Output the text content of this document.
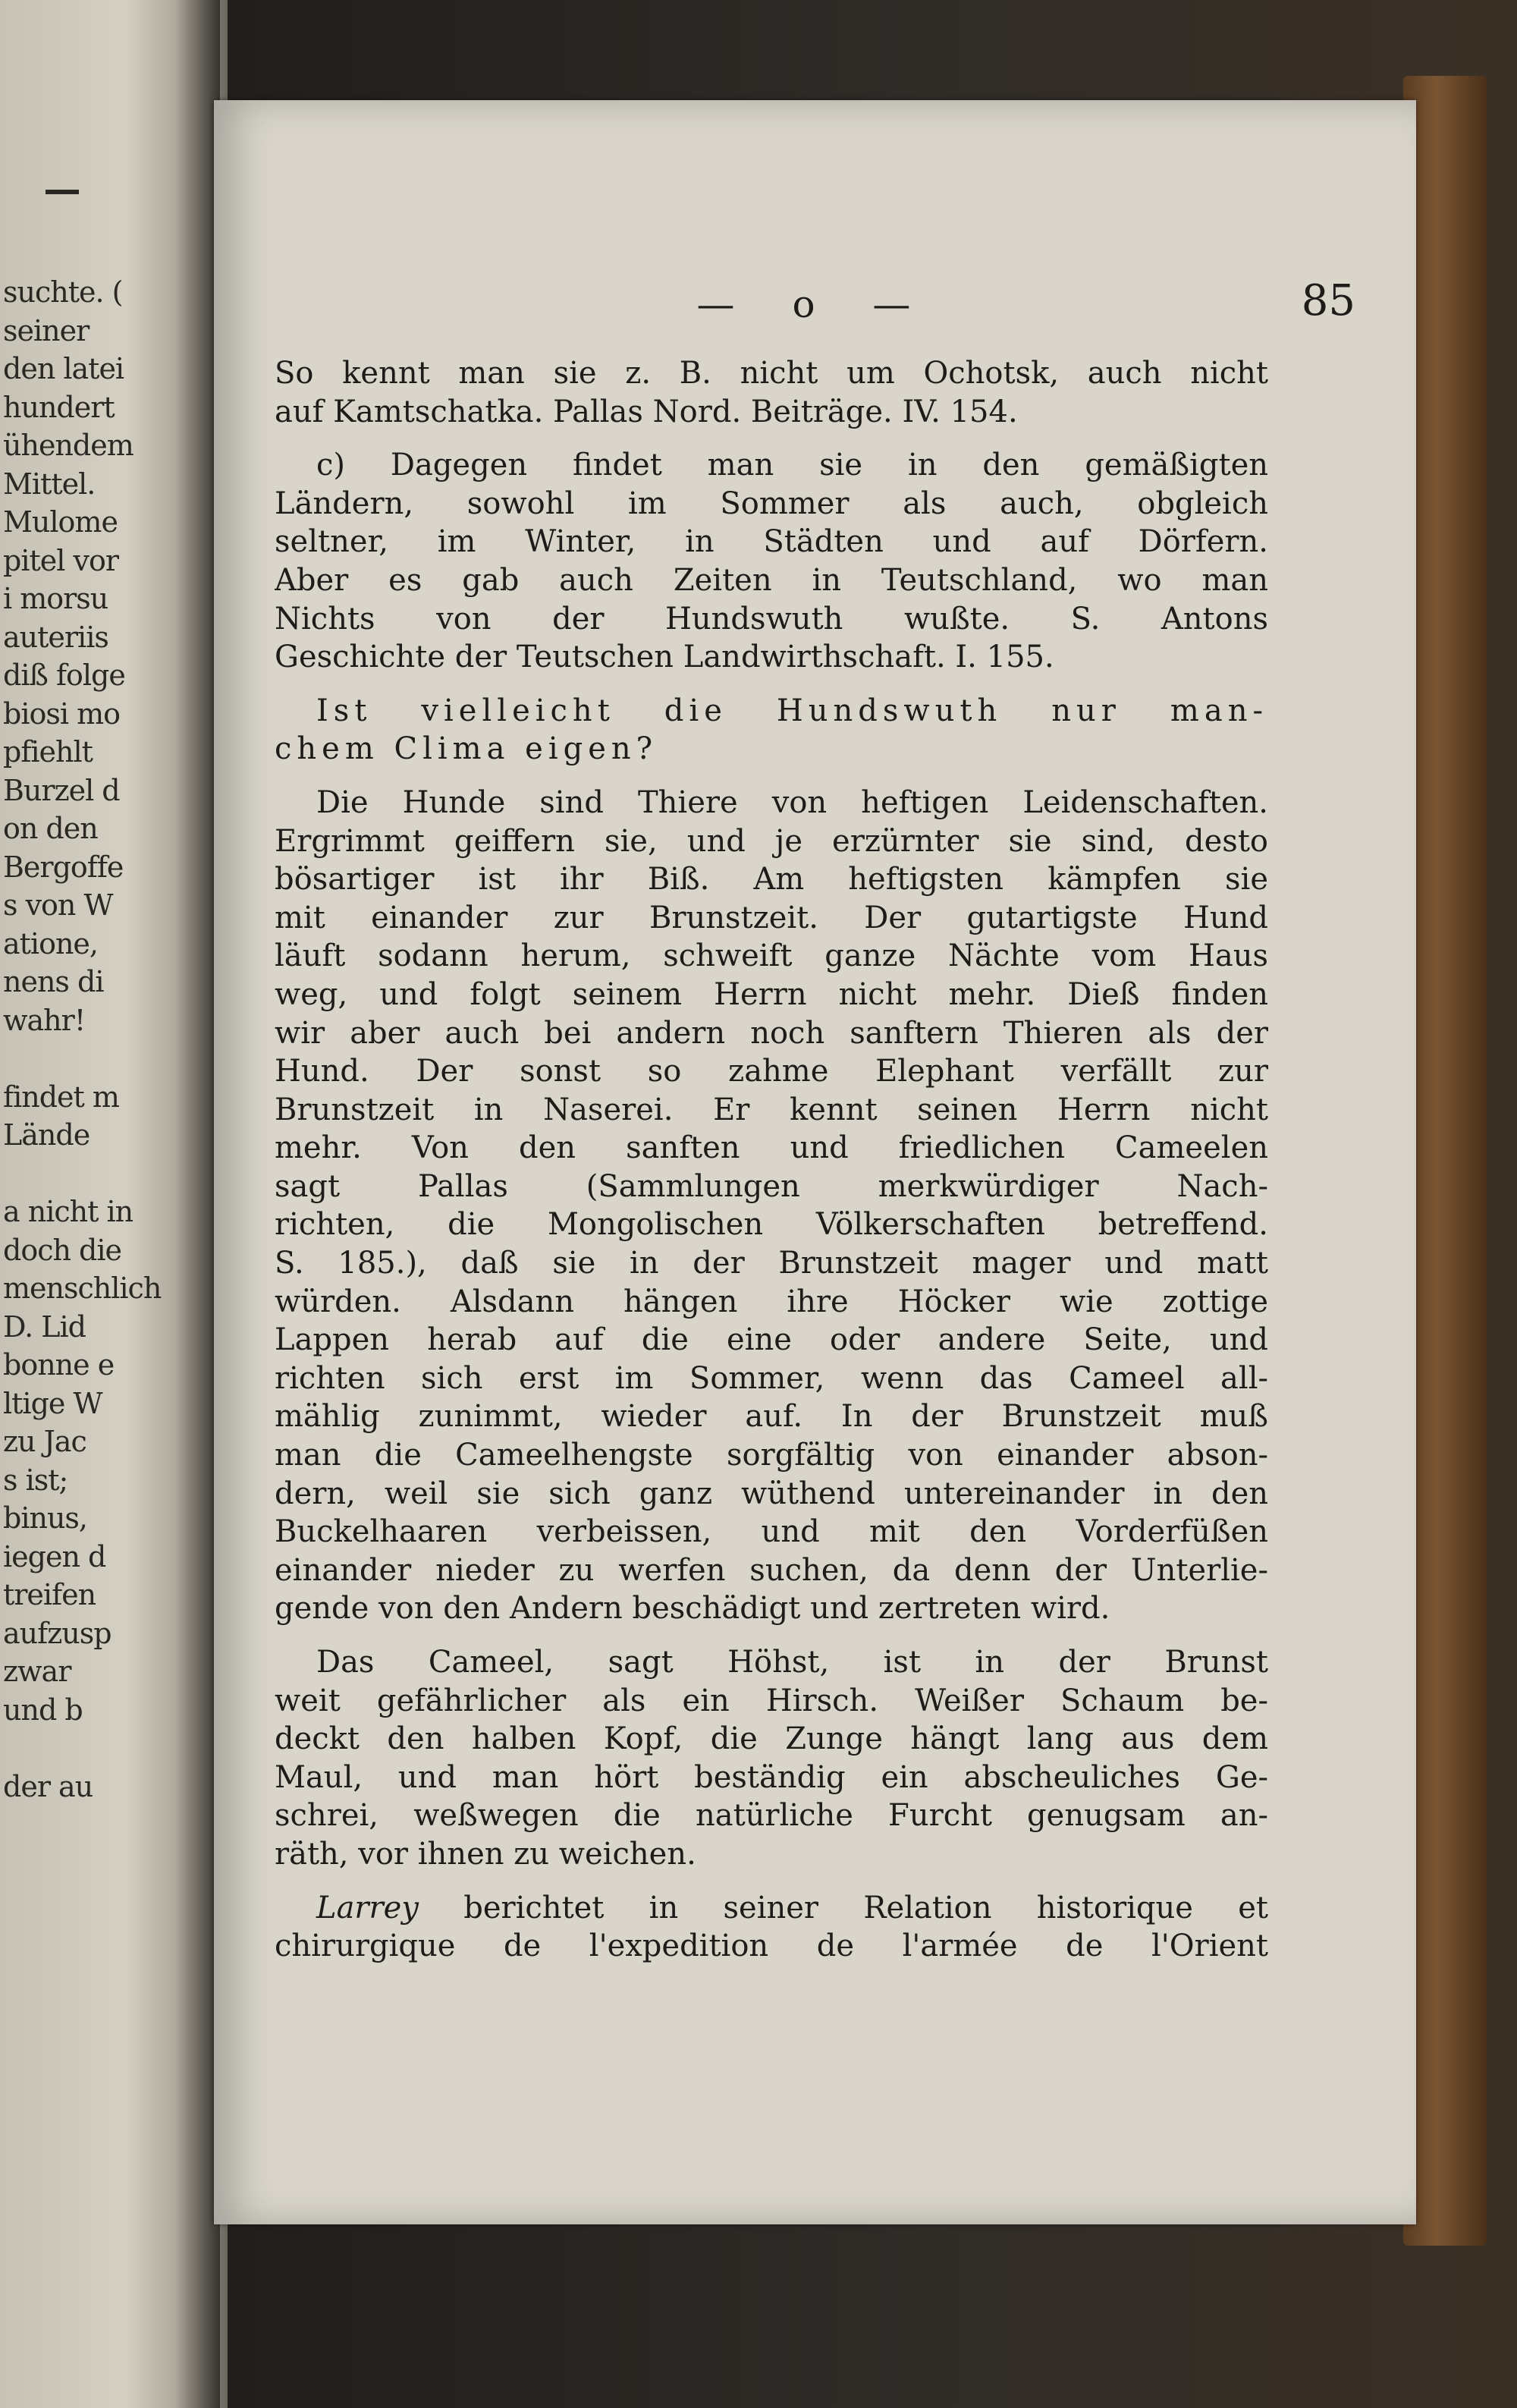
suchte. (
seiner
den latei
hundert
ühendem
Mittel.
Mulome
pitel vor
i morsu
auteriis
diß folge
biosi mo
pfiehlt
Burzel d
on den
Bergoffe
s von W
atione,
nens di
wahr!
findet m
Lände
a nicht in
doch die
menschlich
D. Lid
bonne e
ltige W
zu Jac
s ist;
binus,
iegen d
treifen
aufzusp
zwar
und b
der au
— o —	85
So kennt man sie z. B. nicht um Ochotsk, auch nicht
auf Kamtschatka. Pallas Nord. Beiträge. IV. 154.
c) Dagegen findet man sie in den gemäßigten
Ländern, sowohl im Sommer als auch, obgleich
seltner, im Winter, in Städten und auf Dörfern.
Aber es gab auch Zeiten in Teutschland, wo man
Nichts von der Hundswuth wußte. S. Antons
Geschichte der Teutschen Landwirthschaft. I. 155.
Ist vielleicht die Hundswuth nur man-
chem Clima eigen?
Die Hunde sind Thiere von heftigen Leidenschaften.
Ergrimmt geiffern sie, und je erzürnter sie sind, desto
bösartiger ist ihr Biß. Am heftigsten kämpfen sie
mit einander zur Brunstzeit. Der gutartigste Hund
läuft sodann herum, schweift ganze Nächte vom Haus
weg, und folgt seinem Herrn nicht mehr. Dieß finden
wir aber auch bei andern noch sanftern Thieren als der
Hund. Der sonst so zahme Elephant verfällt zur
Brunstzeit in Naserei. Er kennt seinen Herrn nicht
mehr. Von den sanften und friedlichen Cameelen
sagt Pallas (Sammlungen merkwürdiger Nach-
richten, die Mongolischen Völkerschaften betreffend.
S. 185.), daß sie in der Brunstzeit mager und matt
würden. Alsdann hängen ihre Höcker wie zottige
Lappen herab auf die eine oder andere Seite, und
richten sich erst im Sommer, wenn das Cameel all-
mählig zunimmt, wieder auf. In der Brunstzeit muß
man die Cameelhengste sorgfältig von einander abson-
dern, weil sie sich ganz wüthend untereinander in den
Buckelhaaren verbeissen, und mit den Vorderfüßen
einander nieder zu werfen suchen, da denn der Unterlie-
gende von den Andern beschädigt und zertreten wird.
Das Cameel, sagt Höhst, ist in der Brunst
weit gefährlicher als ein Hirsch. Weißer Schaum be-
deckt den halben Kopf, die Zunge hängt lang aus dem
Maul, und man hört beständig ein abscheuliches Ge-
schrei, weßwegen die natürliche Furcht genugsam an-
räth, vor ihnen zu weichen.
Larrey berichtet in seiner Relation historique et
chirurgique de l'expedition de l'armée de l'Orient
